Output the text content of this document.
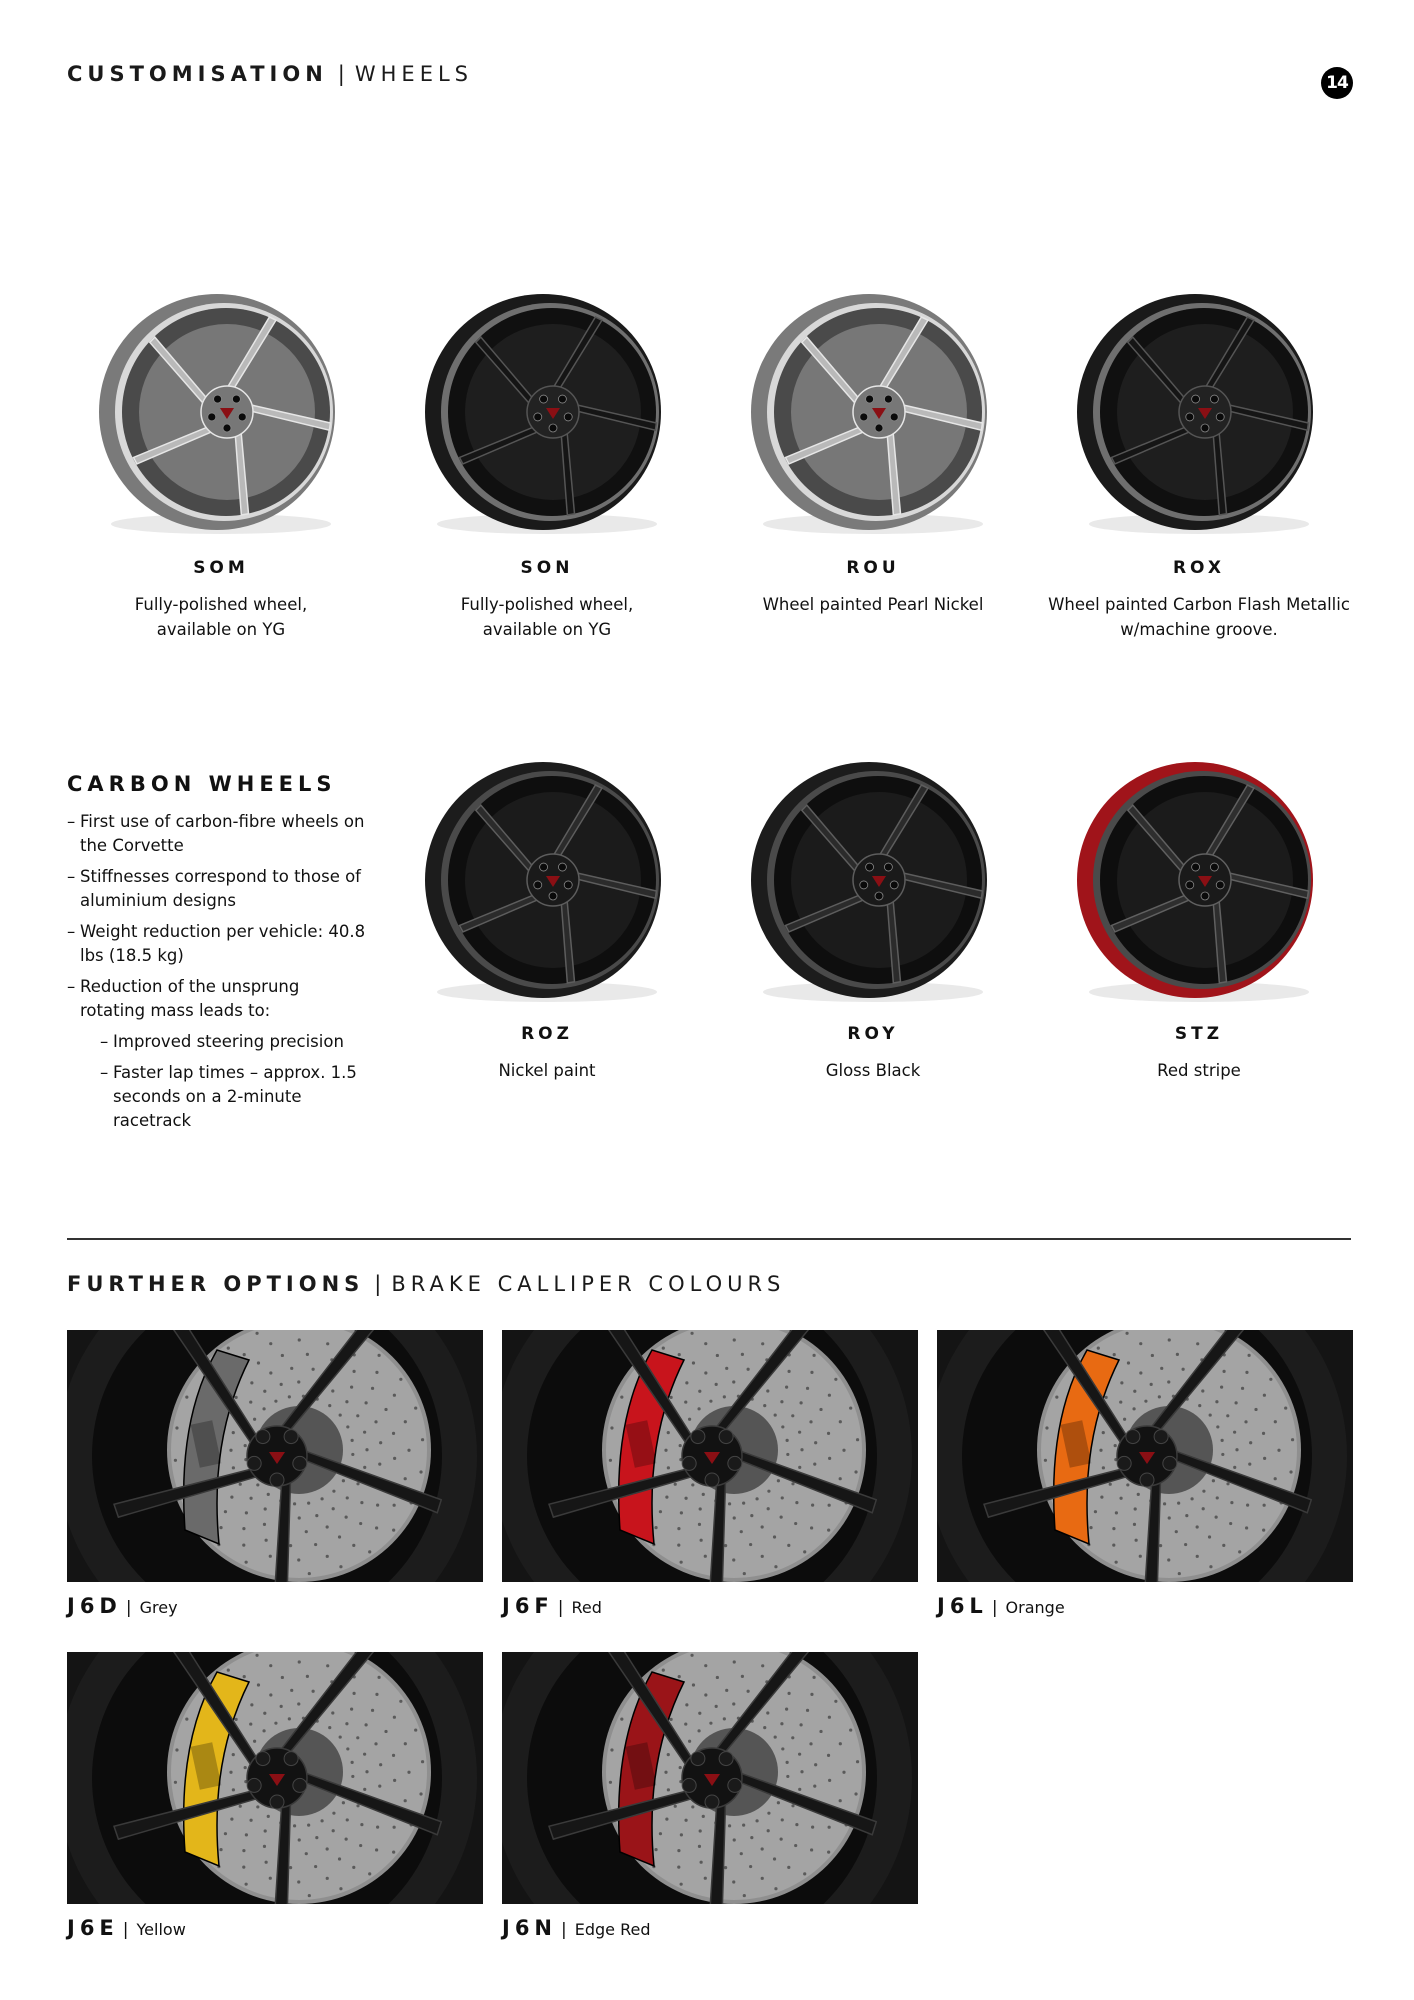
CUSTOMISATION | WHEELS	14
SOM
Fully-polished wheel,
available on YG
SON
Fully-polished wheel,
available on YG
ROU
Wheel painted Pearl Nickel
ROX
Wheel painted Carbon Flash Metallic
w/machine groove.
CARBON WHEELS
– First use of carbon-fibre wheels on the Corvette
– Stiffnesses correspond to those of aluminium designs
– Weight reduction per vehicle: 40.8 lbs (18.5 kg)
– Reduction of the unsprung rotating mass leads to:
– Improved steering precision
– Faster lap times – approx. 1.5 seconds on a 2-minute racetrack
ROZ
Nickel paint
ROY
Gloss Black
STZ
Red stripe
FURTHER OPTIONS | BRAKE CALLIPER COLOURS
J6D | Grey	J6F | Red	J6L | Orange
J6E | Yellow	J6N | Edge Red
